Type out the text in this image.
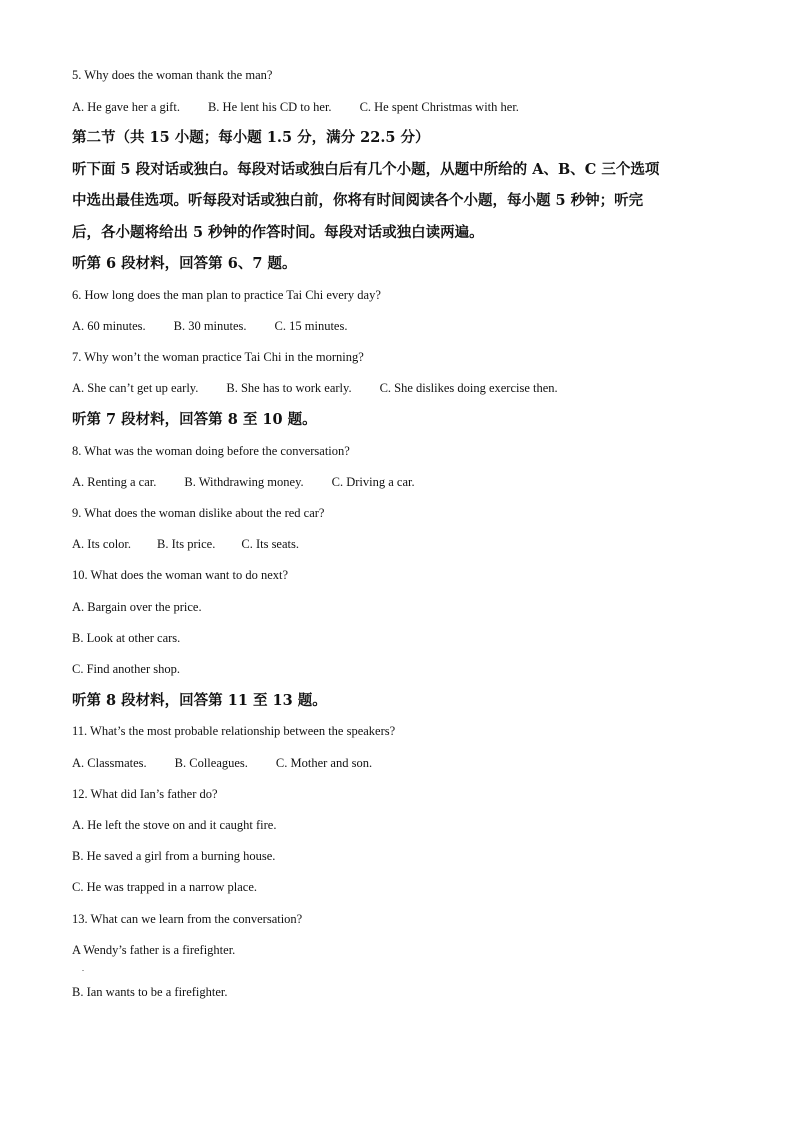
5. Why does the woman thank the man?
A. He gave her a gift. B. He lent his CD to her. C. He spent Christmas with her.
第二节（共 15 小题；每小题 1.5 分，满分 22.5 分）
听下面 5 段对话或独白。每段对话或独白后有几个小题，从题中所给的 A、B、C 三个选项
中选出最佳选项。听每段对话或独白前，你将有时间阅读各个小题，每小题 5 秒钟；听完
后，各小题将给出 5 秒钟的作答时间。每段对话或独白读两遍。
听第 6 段材料，回答第 6、7 题。
6. How long does the man plan to practice Tai Chi every day?
A. 60 minutes. B. 30 minutes. C. 15 minutes.
7. Why won’t the woman practice Tai Chi in the morning?
A. She can’t get up early. B. She has to work early. C. She dislikes doing exercise then.
听第 7 段材料，回答第 8 至 10 题。
8. What was the woman doing before the conversation?
A. Renting a car. B. Withdrawing money. C. Driving a car.
9. What does the woman dislike about the red car?
A. Its color. B. Its price. C. Its seats.
10. What does the woman want to do next?
A. Bargain over the price.
B. Look at other cars.
C. Find another shop.
听第 8 段材料，回答第 11 至 13 题。
11. What’s the most probable relationship between the speakers?
A. Classmates. B. Colleagues. C. Mother and son.
12. What did Ian’s father do?
A. He left the stove on and it caught fire.
B. He saved a girl from a burning house.
C. He was trapped in a narrow place.
13. What can we learn from the conversation?
A Wendy’s father is a firefighter.
.
B. Ian wants to be a firefighter.
